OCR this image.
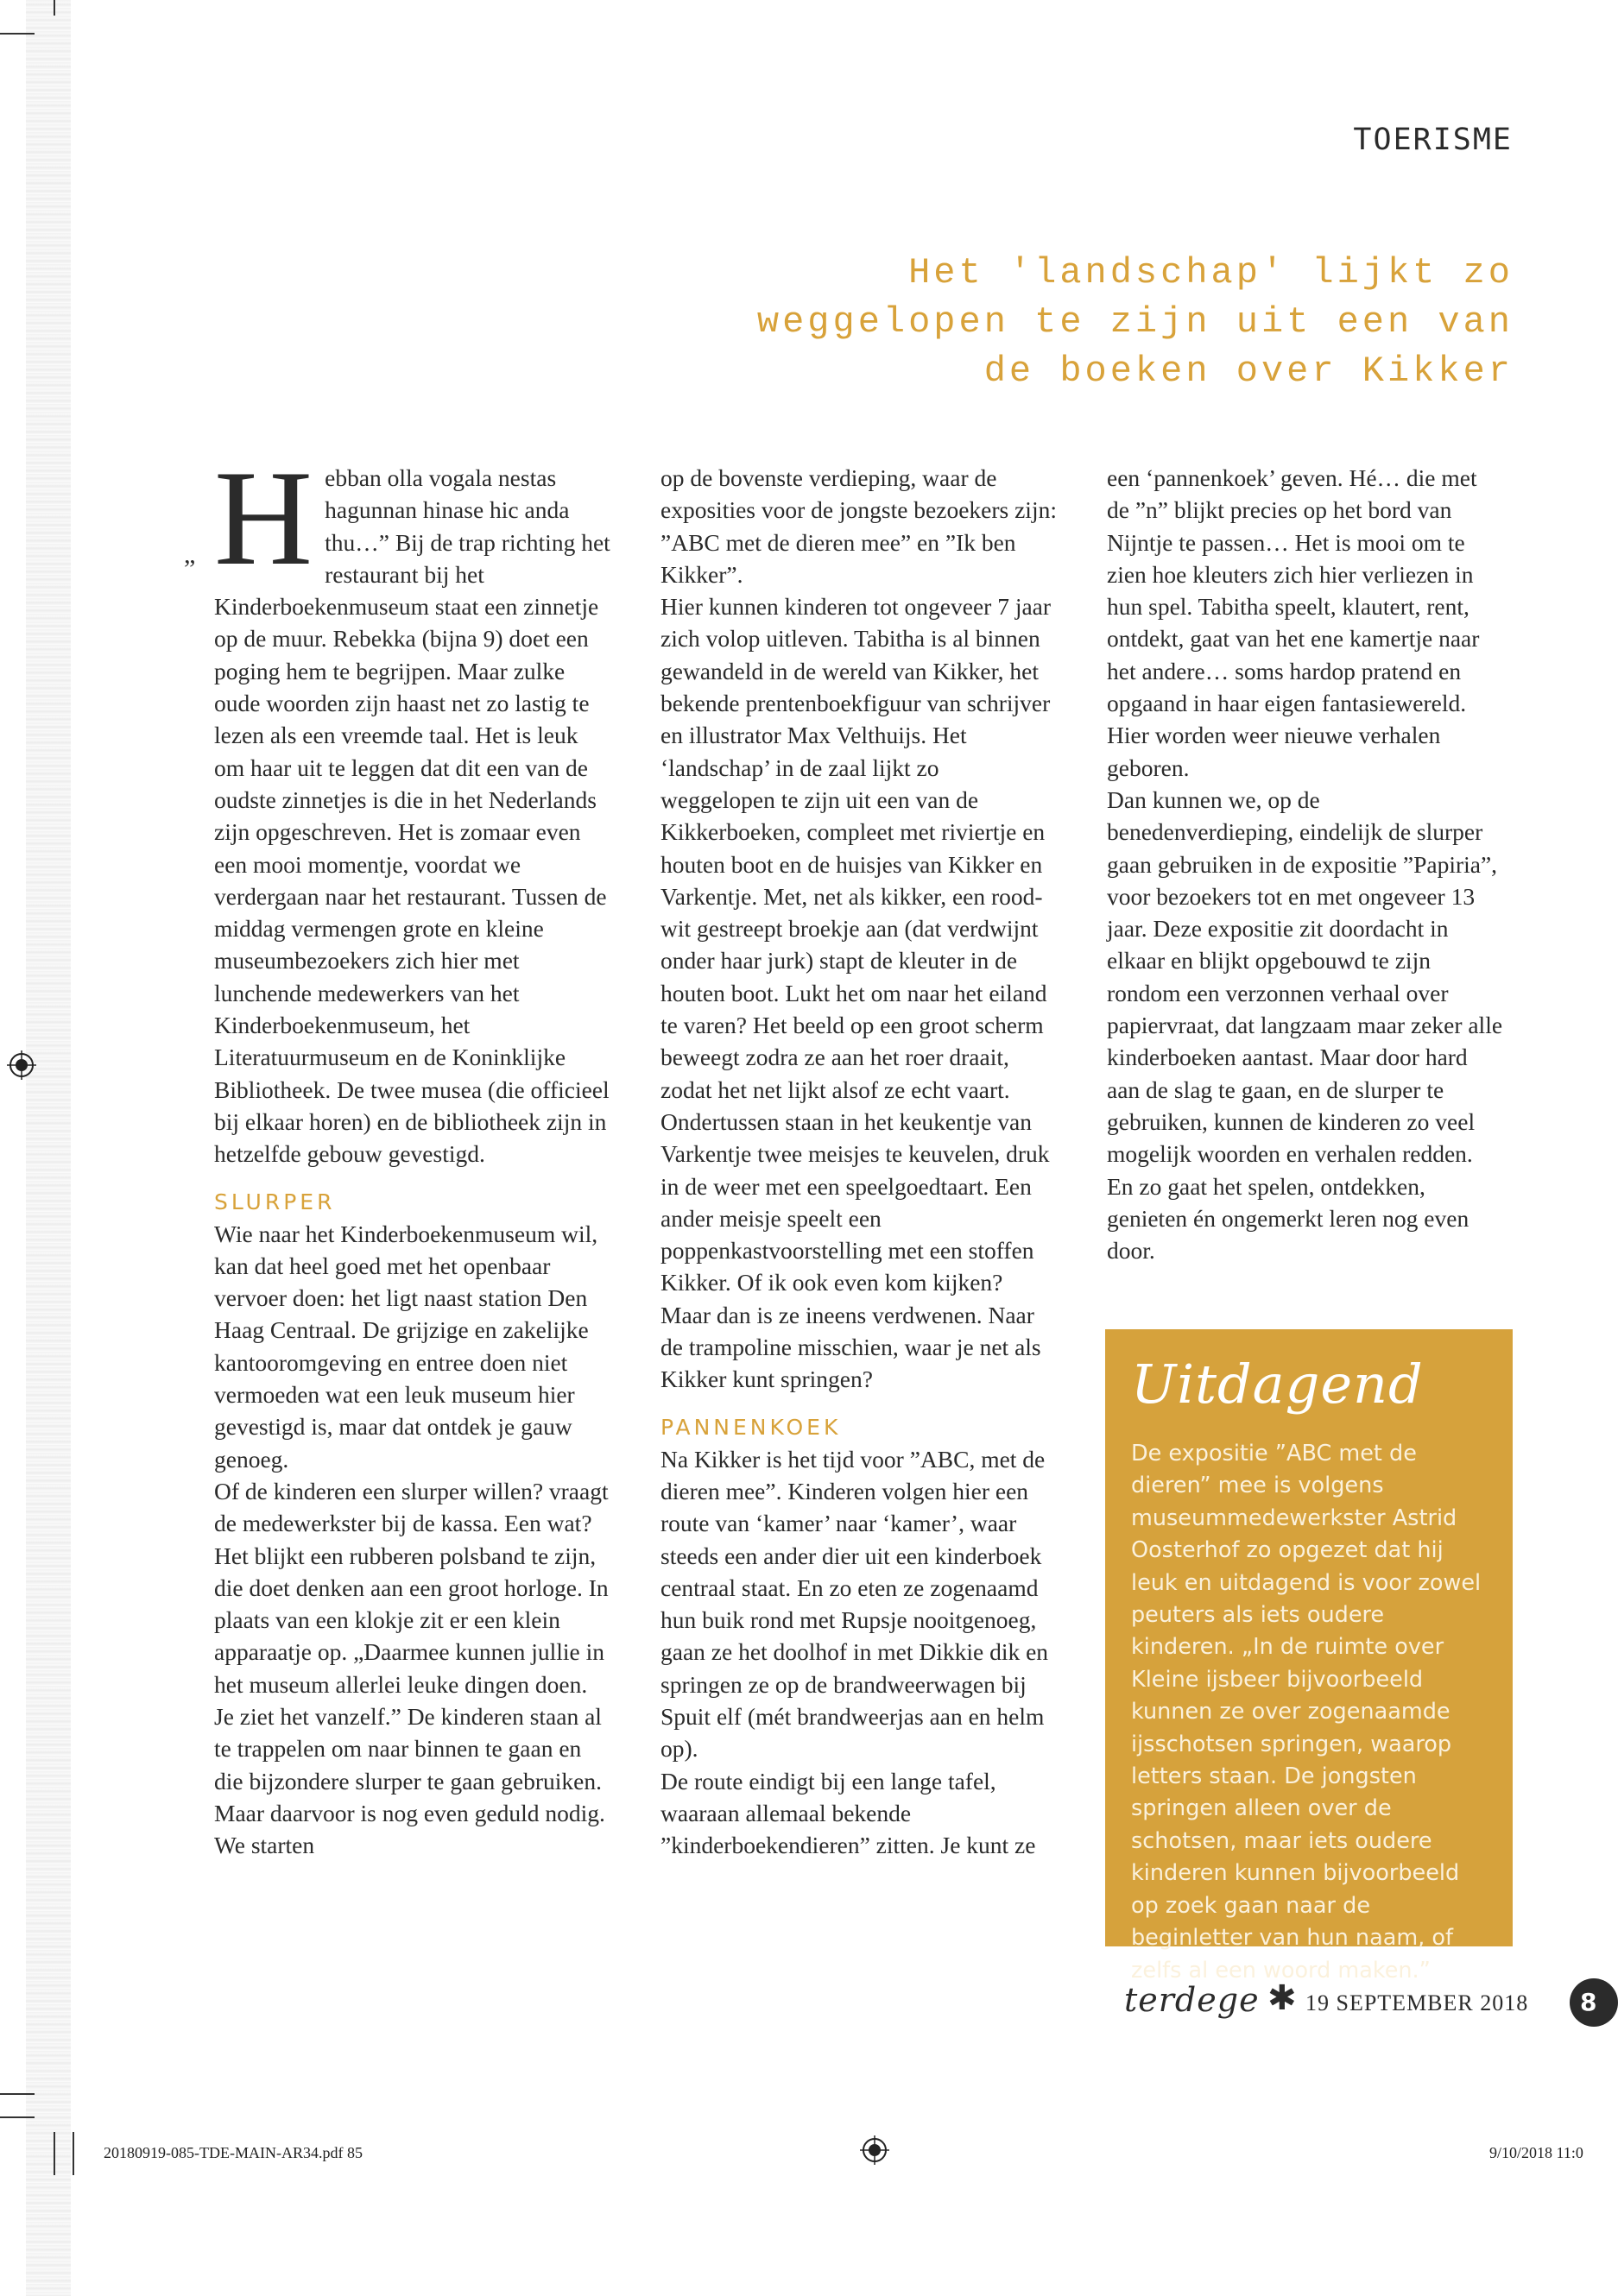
TOERISME
Het 'landschap' lijkt zo weggelopen te zijn uit een van de boeken over Kikker
„ H ebban olla vogala nestas hagunnan hinase hic anda thu…” Bij de trap richting het restaurant bij het Kinderboekenmuseum staat een zinnetje op de muur. Rebekka (bijna 9) doet een poging hem te begrijpen. Maar zulke oude woorden zijn haast net zo lastig te lezen als een vreemde taal. Het is leuk om haar uit te leggen dat dit een van de oudste zinnetjes is die in het Nederlands zijn opgeschreven. Het is zomaar even een mooi momentje, voordat we verdergaan naar het restaurant. Tussen de middag vermengen grote en kleine museumbezoekers zich hier met lunchende medewerkers van het Kinderboekenmuseum, het Literatuurmuseum en de Koninklijke Bibliotheek. De twee musea (die officieel bij elkaar horen) en de bibliotheek zijn in hetzelfde gebouw gevestigd.

SLURPER

Wie naar het Kinderboekenmuseum wil, kan dat heel goed met het openbaar vervoer doen: het ligt naast station Den Haag Centraal. De grijzige en zakelijke kantooromgeving en entree doen niet vermoeden wat een leuk museum hier gevestigd is, maar dat ontdek je gauw genoeg.

Of de kinderen een slurper willen? vraagt de medewerkster bij de kassa. Een wat? Het blijkt een rubberen polsband te zijn, die doet denken aan een groot horloge. In plaats van een klokje zit er een klein apparaatje op. „Daarmee kunnen jullie in het museum allerlei leuke dingen doen. Je ziet het vanzelf.” De kinderen staan al te trappelen om naar binnen te gaan en die bijzondere slurper te gaan gebruiken. Maar daarvoor is nog even geduld nodig. We starten

op de bovenste verdieping, waar de exposities voor de jongste bezoekers zijn: ”ABC met de dieren mee” en ”Ik ben Kikker”.

Hier kunnen kinderen tot ongeveer 7 jaar zich volop uitleven. Tabitha is al binnen gewandeld in de wereld van Kikker, het bekende prentenboekfiguur van schrijver en illustrator Max Velthuijs. Het ‘landschap’ in de zaal lijkt zo weggelopen te zijn uit een van de Kikkerboeken, compleet met riviertje en houten boot en de huisjes van Kikker en Varkentje. Met, net als kikker, een rood-wit gestreept broekje aan (dat verdwijnt onder haar jurk) stapt de kleuter in de houten boot. Lukt het om naar het eiland te varen? Het beeld op een groot scherm beweegt zodra ze aan het roer draait, zodat het net lijkt alsof ze echt vaart. Ondertussen staan in het keukentje van Varkentje twee meisjes te keuvelen, druk in de weer met een speelgoedtaart. Een ander meisje speelt een poppenkastvoorstelling met een stoffen Kikker. Of ik ook even kom kijken? Maar dan is ze ineens verdwenen. Naar de trampoline misschien, waar je net als Kikker kunt springen?

PANNENKOEK

Na Kikker is het tijd voor ”ABC, met de dieren mee”. Kinderen volgen hier een route van ‘kamer’ naar ‘kamer’, waar steeds een ander dier uit een kinderboek centraal staat. En zo eten ze zogenaamd hun buik rond met Rupsje nooitgenoeg, gaan ze het doolhof in met Dikkie dik en springen ze op de brandweerwagen bij Spuit elf (mét brandweerjas aan en helm op).

De route eindigt bij een lange tafel, waaraan allemaal bekende ”kinderboekendieren” zitten. Je kunt ze

een ‘pannenkoek’ geven. Hé… die met de ”n” blijkt precies op het bord van Nijntje te passen… Het is mooi om te zien hoe kleuters zich hier verliezen in hun spel. Tabitha speelt, klautert, rent, ontdekt, gaat van het ene kamertje naar het andere… soms hardop pratend en opgaand in haar eigen fantasiewereld. Hier worden weer nieuwe verhalen geboren.

Dan kunnen we, op de benedenverdieping, eindelijk de slurper gaan gebruiken in de expositie ”Papiria”, voor bezoekers tot en met ongeveer 13 jaar. Deze expositie zit doordacht in elkaar en blijkt opgebouwd te zijn rondom een verzonnen verhaal over papiervraat, dat langzaam maar zeker alle kinderboeken aantast. Maar door hard aan de slag te gaan, en de slurper te gebruiken, kunnen de kinderen zo veel mogelijk woorden en verhalen redden. En zo gaat het spelen, ontdekken, genieten én ongemerkt leren nog even door.

Uitdagend
De expositie ”ABC met de dieren” mee is volgens museummedewerkster Astrid Oosterhof zo opgezet dat hij leuk en uitdagend is voor zowel peuters als iets oudere kinderen. „In de ruimte over Kleine ijsbeer bijvoorbeeld kunnen ze over zogenaamde ijsschotsen springen, waarop letters staan. De jongsten springen alleen over de schotsen, maar iets oudere kinderen kunnen bijvoorbeeld op zoek gaan naar de beginletter van hun naam, of zelfs al een woord maken.”
terdege ✱ 19 SEPTEMBER 2018	8
20180919-085-TDE-MAIN-AR34.pdf 85	9/10/2018 11:0
